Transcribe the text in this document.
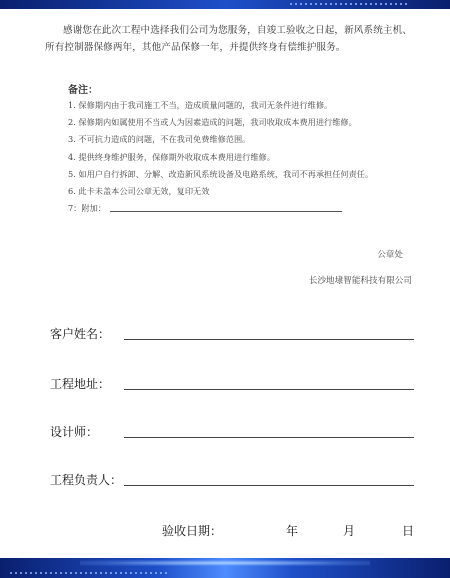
感谢您在此次工程中选择我们公司为您服务，自竣工验收之日起，新风系统主机、所有控制器保修两年，其他产品保修一年，并提供终身有偿维护服务。
备注：
1. 保修期内由于我司施工不当，造成质量问题的，我司无条件进行维修。
2. 保修期内如属使用不当或人为因素造成的问题，我司收取成本费用进行维修。
3. 不可抗力造成的问题，不在我司免费维修范围。
4. 提供终身维护服务，保修期外收取成本费用进行维修。
5. 如用户自行拆卸、分解、改造新风系统设备及电路系统，我司不再承担任何责任。
6. 此卡未盖本公司公章无效，复印无效
7：附加：
公章处
长沙地埭智能科技有限公司
客户姓名：
工程地址：
设计师：
工程负责人：
验收日期：	年	月	日
